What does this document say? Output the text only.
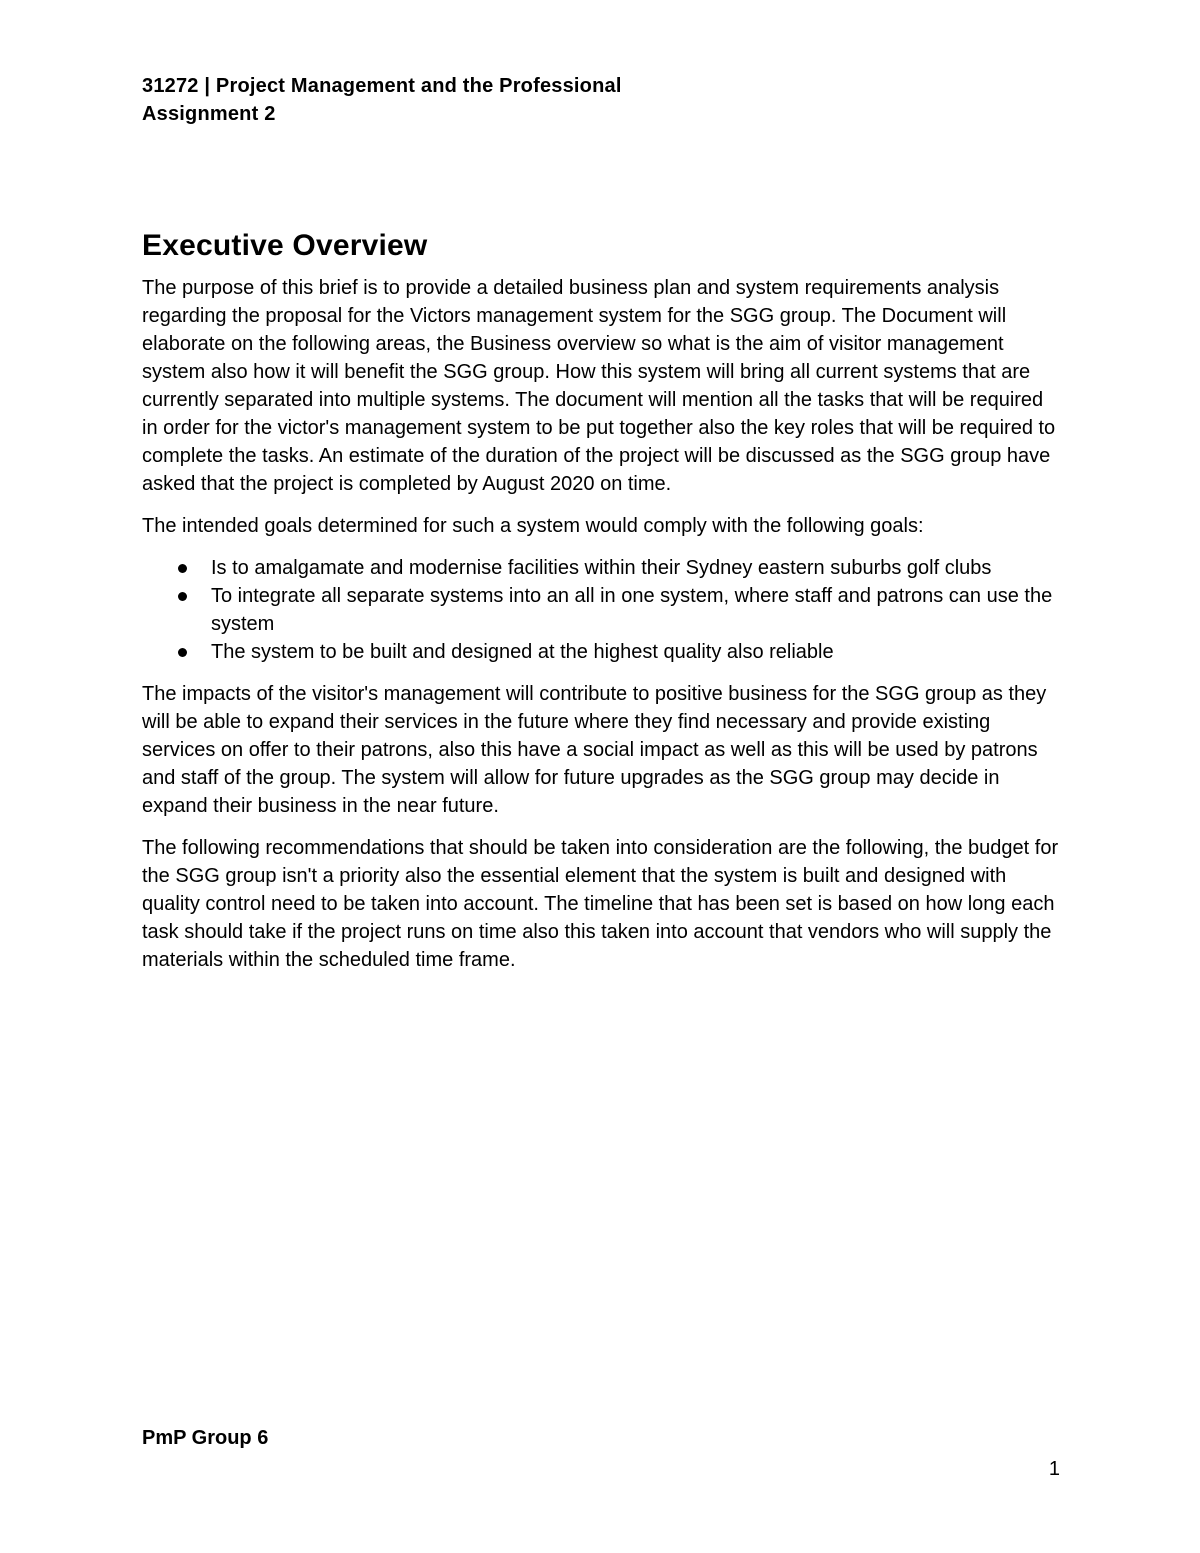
31272 | Project Management and the Professional
Assignment 2
Executive Overview

The purpose of this brief is to provide a detailed business plan and system requirements analysis regarding the proposal for the Victors management system for the SGG group. The Document will elaborate on the following areas, the Business overview so what is the aim of visitor management system also how it will benefit the SGG group. How this system will bring all current systems that are currently separated into multiple systems. The document will mention all the tasks that will be required in order for the victor's management system to be put together also the key roles that will be required to complete the tasks. An estimate of the duration of the project will be discussed as the SGG group have asked that the project is completed by August 2020 on time.

The intended goals determined for such a system would comply with the following goals:

Is to amalgamate and modernise facilities within their Sydney eastern suburbs golf clubs
To integrate all separate systems into an all in one system, where staff and patrons can use the system
The system to be built and designed at the highest quality also reliable

The impacts of the visitor's management will contribute to positive business for the SGG group as they will be able to expand their services in the future where they find necessary and provide existing services on offer to their patrons, also this have a social impact as well as this will be used by patrons and staff of the group. The system will allow for future upgrades as the SGG group may decide in expand their business in the near future.

The following recommendations that should be taken into consideration are the following, the budget for the SGG group isn't a priority also the essential element that the system is built and designed with quality control need to be taken into account. The timeline that has been set is based on how long each task should take if the project runs on time also this taken into account that vendors who will supply the materials within the scheduled time frame.

PmP Group 6
1
